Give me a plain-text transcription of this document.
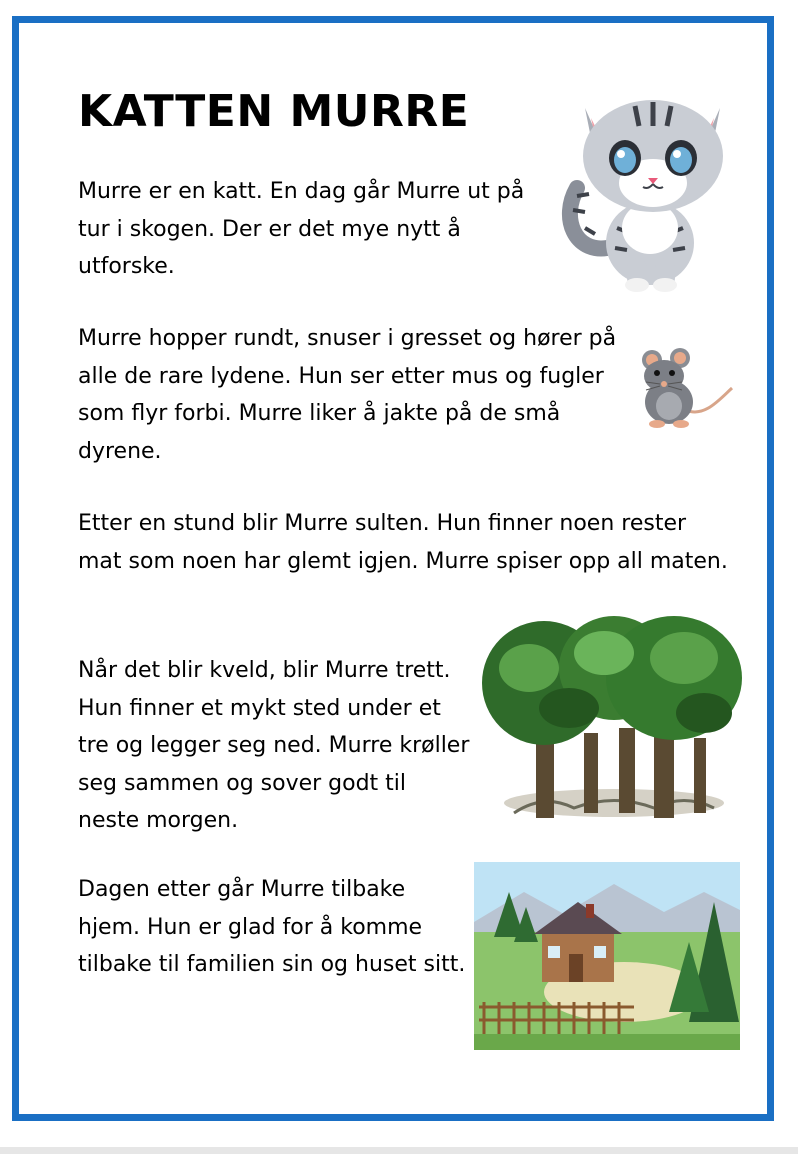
KATTEN MURRE

Murre er en katt. En dag går Murre ut på tur i skogen. Der er det mye nytt å utforske.

Murre hopper rundt, snuser i gresset og hører på alle de rare lydene. Hun ser etter mus og fugler som flyr forbi. Murre liker å jakte på de små dyrene.

Etter en stund blir Murre sulten. Hun finner noen rester mat som noen har glemt igjen. Murre spiser opp all maten.

Når det blir kveld, blir Murre trett. Hun finner et mykt sted under et tre og legger seg ned. Murre krøller seg sammen og sover godt til neste morgen.

Dagen etter går Murre tilbake hjem. Hun er glad for å komme tilbake til familien sin og huset sitt.
